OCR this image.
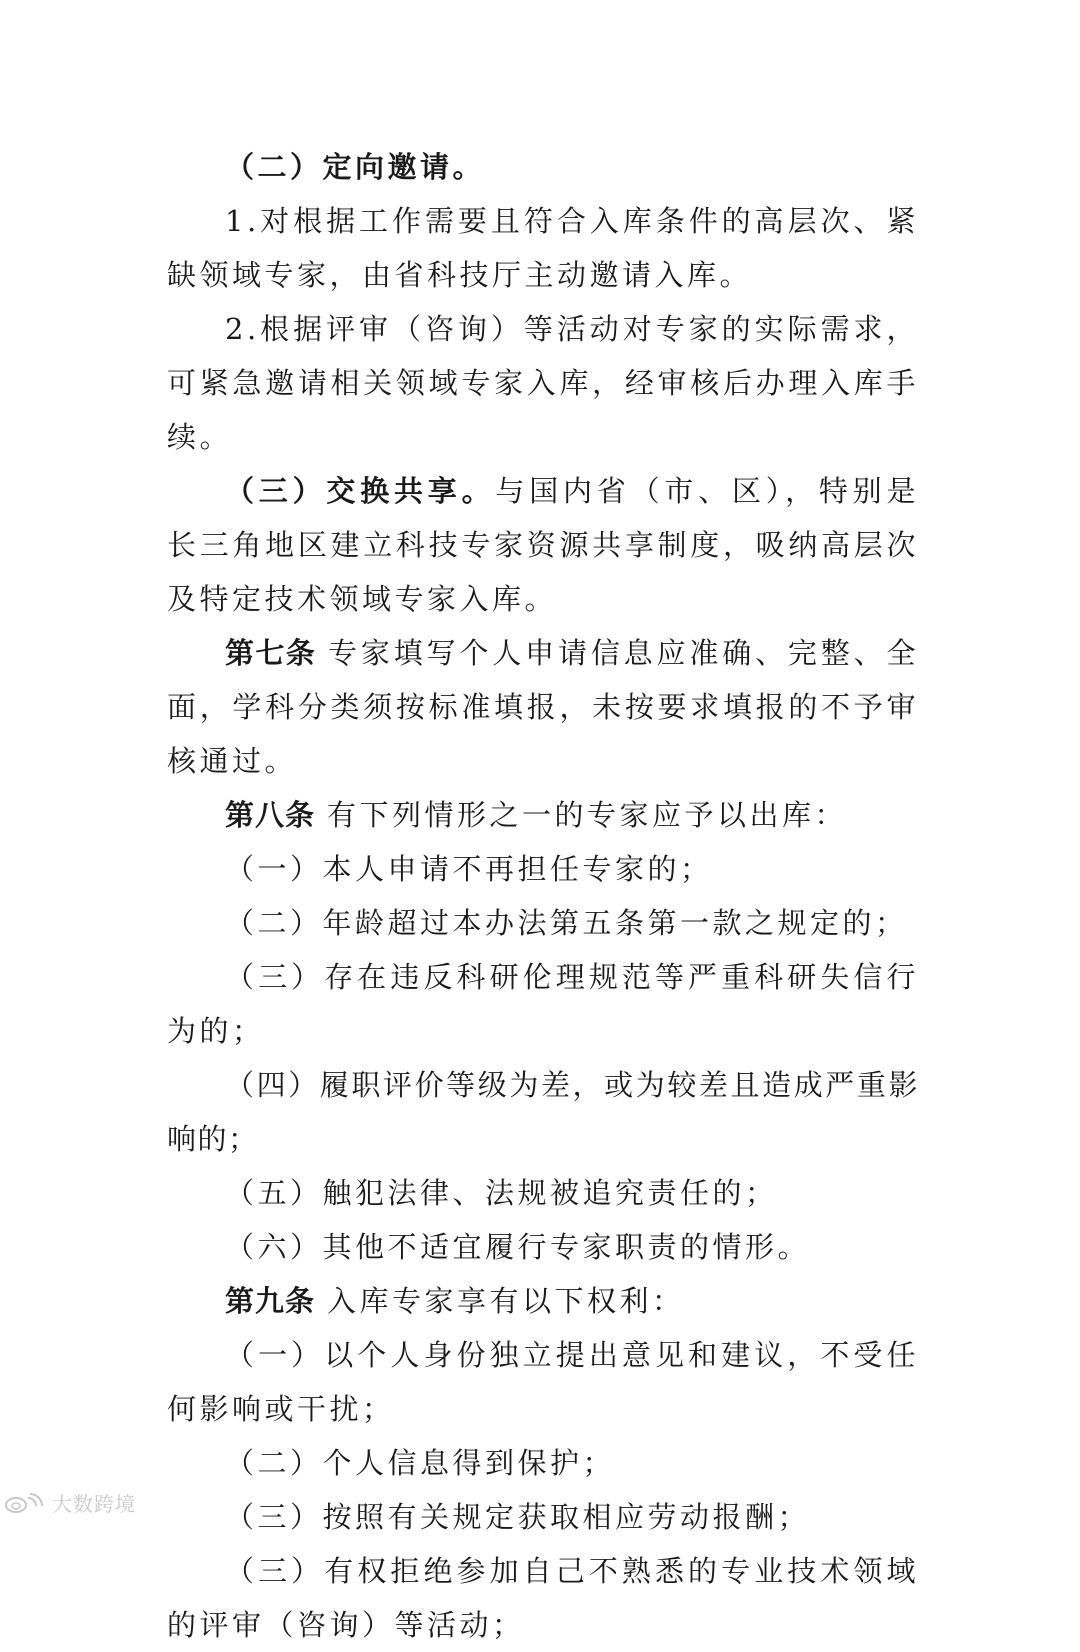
（二）定向邀请。

1.对根据工作需要且符合入库条件的高层次、紧缺领域专家，由省科技厅主动邀请入库。

2.根据评审（咨询）等活动对专家的实际需求，可紧急邀请相关领域专家入库，经审核后办理入库手续。

（三）交换共享。与国内省（市、区），特别是长三角地区建立科技专家资源共享制度，吸纳高层次及特定技术领域专家入库。

第七条 专家填写个人申请信息应准确、完整、全面，学科分类须按标准填报，未按要求填报的不予审核通过。

第八条 有下列情形之一的专家应予以出库：

（一）本人申请不再担任专家的；

（二）年龄超过本办法第五条第一款之规定的；

（三）存在违反科研伦理规范等严重科研失信行为的；

（四）履职评价等级为差，或为较差且造成严重影响的；

（五）触犯法律、法规被追究责任的；

（六）其他不适宜履行专家职责的情形。

第九条 入库专家享有以下权利：

（一）以个人身份独立提出意见和建议，不受任何影响或干扰；

（二）个人信息得到保护；

（三）按照有关规定获取相应劳动报酬；

（三）有权拒绝参加自己不熟悉的专业技术领域的评审（咨询）等活动；

大数跨境
